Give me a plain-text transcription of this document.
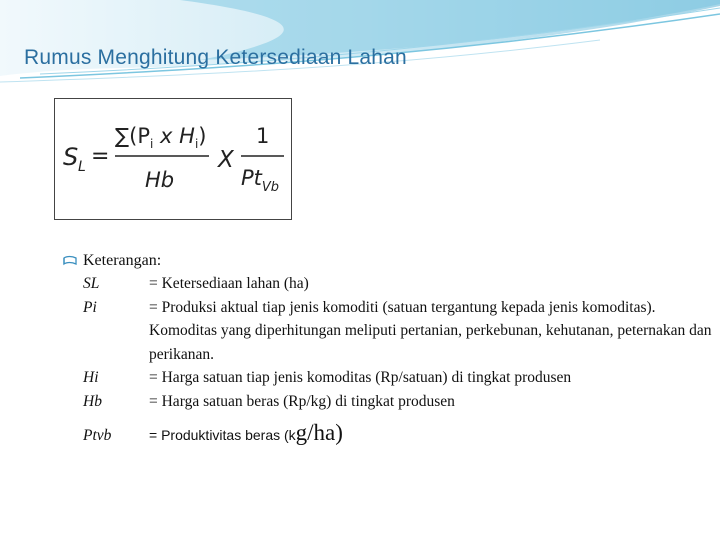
Rumus Menghitung Ketersediaan Lahan
S L =
$\sum(P_i$ x $H_i$)
Hb
X
1
$Pt_{Vb}$
Keterangan:
SL	= Ketersediaan lahan (ha)
Pi	= Produksi aktual tiap jenis komoditi (satuan tergantung kepada jenis komoditas). Komoditas yang diperhitungan meliputi pertanian, perkebunan, kehutanan, peternakan dan perikanan.
Hi	= Harga satuan tiap jenis komoditas (Rp/satuan) di tingkat produsen
Hb	= Harga satuan beras (Rp/kg) di tingkat produsen
Ptvb	= Produktivitas beras (kg/ha)
